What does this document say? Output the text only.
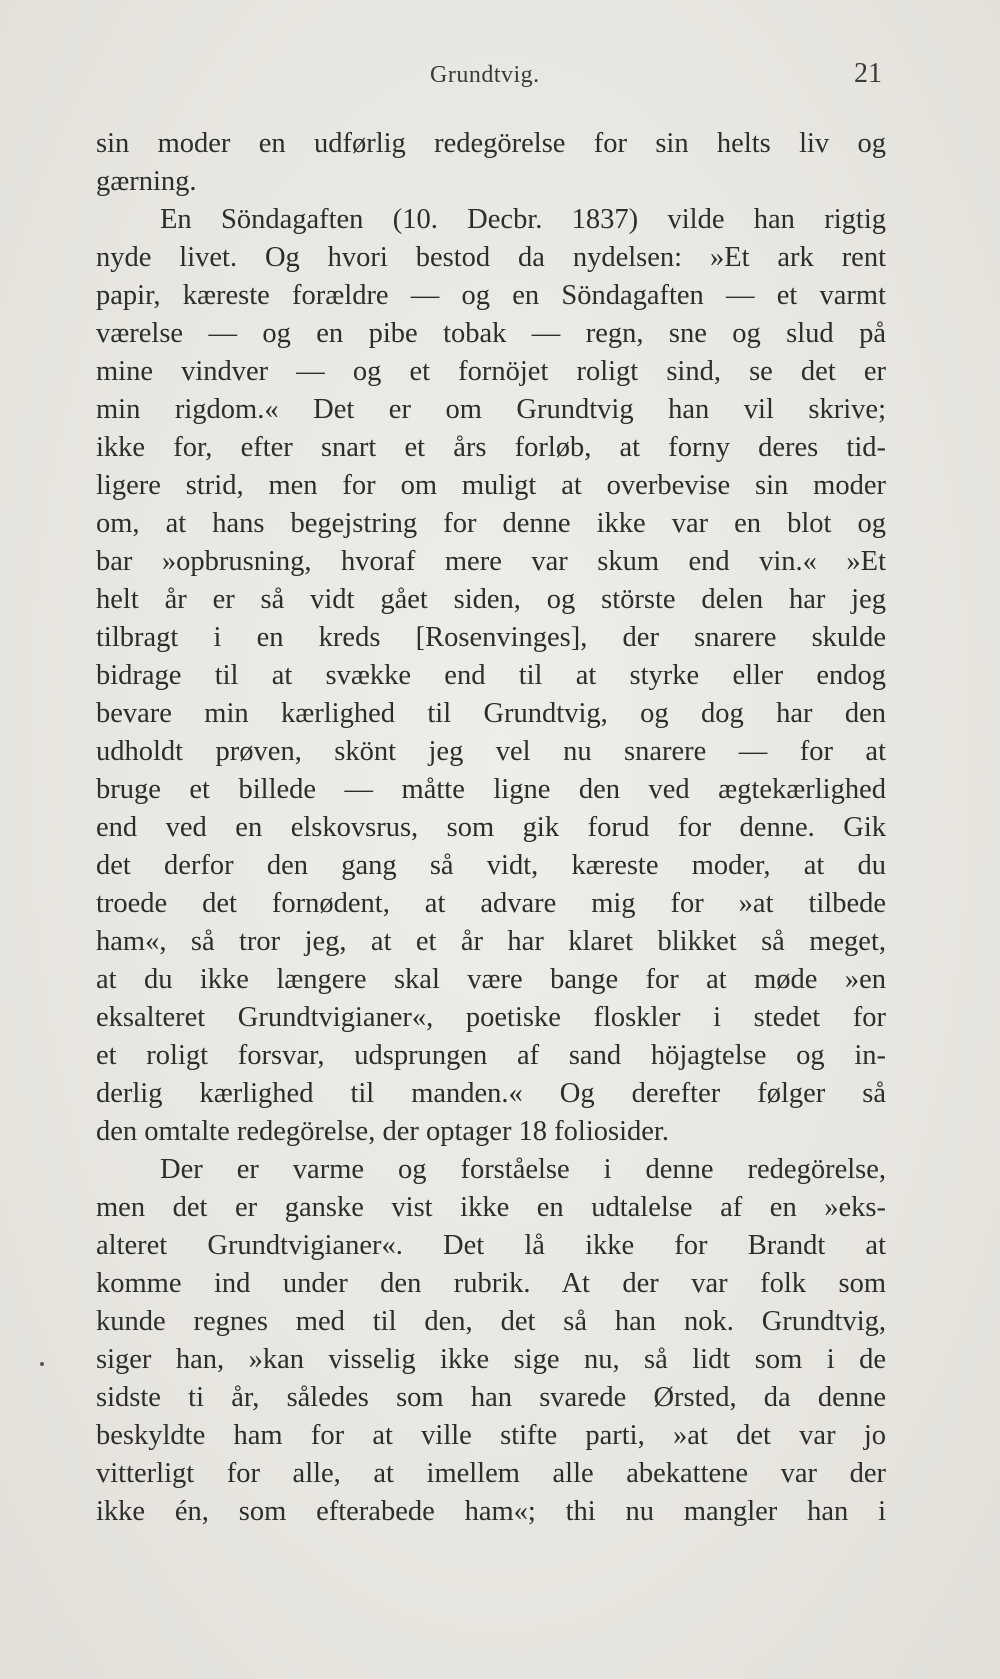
Grundtvig.	21
sin moder en udførlig redegörelse for sin helts liv og
gærning.
En Söndagaften (10. Decbr. 1837) vilde han rigtig
nyde livet. Og hvori bestod da nydelsen: »Et ark rent
papir, kæreste forældre — og en Söndagaften — et varmt
værelse — og en pibe tobak — regn, sne og slud på
mine vindver — og et fornöjet roligt sind, se det er
min rigdom.« Det er om Grundtvig han vil skrive;
ikke for, efter snart et års forløb, at forny deres tid-
ligere strid, men for om muligt at overbevise sin moder
om, at hans begejstring for denne ikke var en blot og
bar »opbrusning, hvoraf mere var skum end vin.« »Et
helt år er så vidt gået siden, og störste delen har jeg
tilbragt i en kreds [Rosenvinges], der snarere skulde
bidrage til at svække end til at styrke eller endog
bevare min kærlighed til Grundtvig, og dog har den
udholdt prøven, skönt jeg vel nu snarere — for at
bruge et billede — måtte ligne den ved ægtekærlighed
end ved en elskovsrus, som gik forud for denne. Gik
det derfor den gang så vidt, kæreste moder, at du
troede det fornødent, at advare mig for »at tilbede
ham«, så tror jeg, at et år har klaret blikket så meget,
at du ikke længere skal være bange for at møde »en
eksalteret Grundtvigianer«, poetiske floskler i stedet for
et roligt forsvar, udsprungen af sand höjagtelse og in-
derlig kærlighed til manden.« Og derefter følger så
den omtalte redegörelse, der optager 18 foliosider.
Der er varme og forståelse i denne redegörelse,
men det er ganske vist ikke en udtalelse af en »eks-
alteret Grundtvigianer«. Det lå ikke for Brandt at
komme ind under den rubrik. At der var folk som
kunde regnes med til den, det så han nok. Grundtvig,
siger han, »kan visselig ikke sige nu, så lidt som i de
sidste ti år, således som han svarede Ørsted, da denne
beskyldte ham for at ville stifte parti, »at det var jo
vitterligt for alle, at imellem alle abekattene var der
ikke én, som efterabede ham«; thi nu mangler han i
